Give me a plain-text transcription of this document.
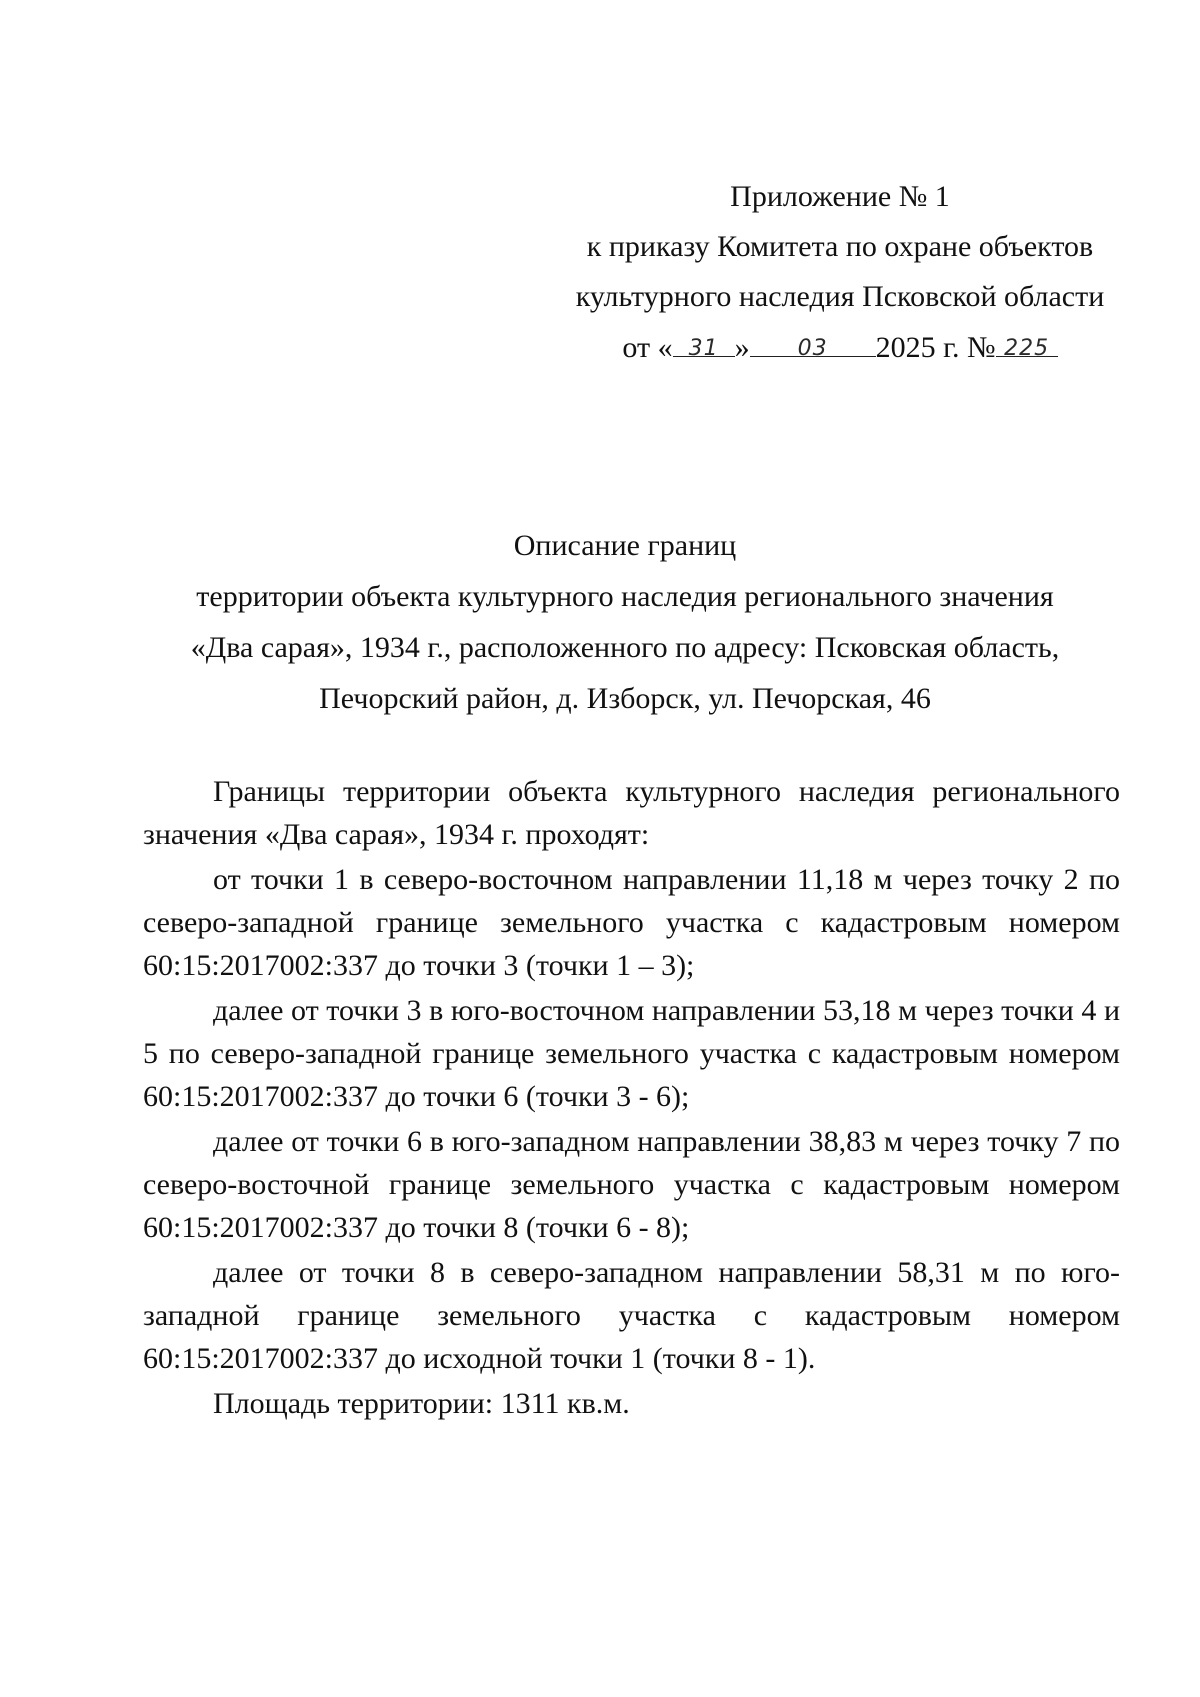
Приложение № 1
к приказу Комитета по охране объектов
культурного наследия Псковской области
от « 31 »	03	2025 г. № 225
Описание границ
территории объекта культурного наследия регионального значения
«Два сарая», 1934 г., расположенного по адресу: Псковская область,
Печорский район, д. Изборск, ул. Печорская, 46

Границы территории объекта культурного наследия регионального значения «Два сарая», 1934 г. проходят:

от точки 1 в северо-восточном направлении 11,18 м через точку 2 по северо-западной границе земельного участка с кадастровым номером 60:15:2017002:337 до точки 3 (точки 1 – 3);

далее от точки 3 в юго-восточном направлении 53,18 м через точки 4 и 5 по северо-западной границе земельного участка с кадастровым номером 60:15:2017002:337 до точки 6 (точки 3 - 6);

далее от точки 6 в юго-западном направлении 38,83 м через точку 7 по северо-восточной границе земельного участка с кадастровым номером 60:15:2017002:337 до точки 8 (точки 6 - 8);

далее от точки 8 в северо-западном направлении 58,31 м по юго-западной границе земельного участка с кадастровым номером 60:15:2017002:337 до исходной точки 1 (точки 8 - 1).

Площадь территории: 1311 кв.м.
